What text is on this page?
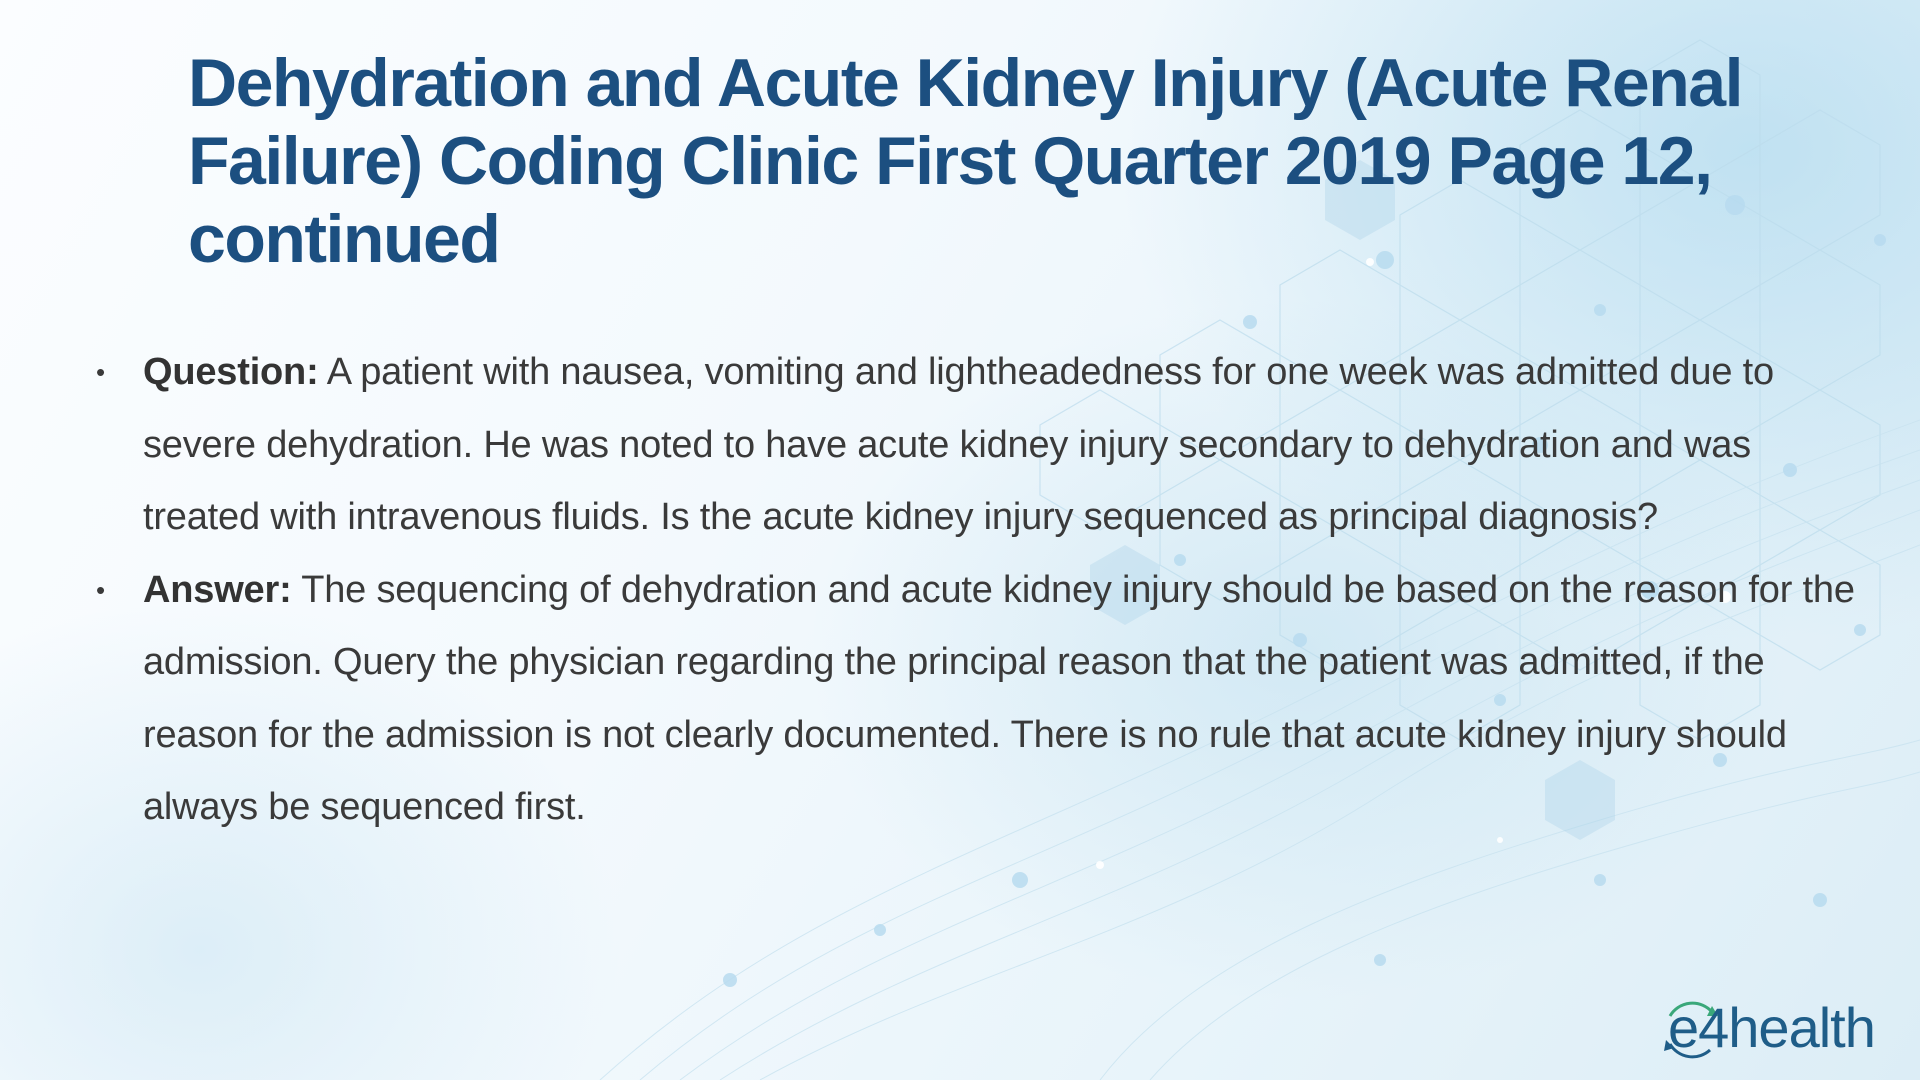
Dehydration and Acute Kidney Injury (Acute Renal Failure) Coding Clinic First Quarter 2019 Page 12, continued
• Question: A patient with nausea, vomiting and lightheadedness for one week was admitted due to severe dehydration. He was noted to have acute kidney injury secondary to dehydration and was treated with intravenous fluids. Is the acute kidney injury sequenced as principal diagnosis?
• Answer: The sequencing of dehydration and acute kidney injury should be based on the reason for the admission. Query the physician regarding the principal reason that the patient was admitted, if the reason for the admission is not clearly documented. There is no rule that acute kidney injury should always be sequenced first.
e4health
